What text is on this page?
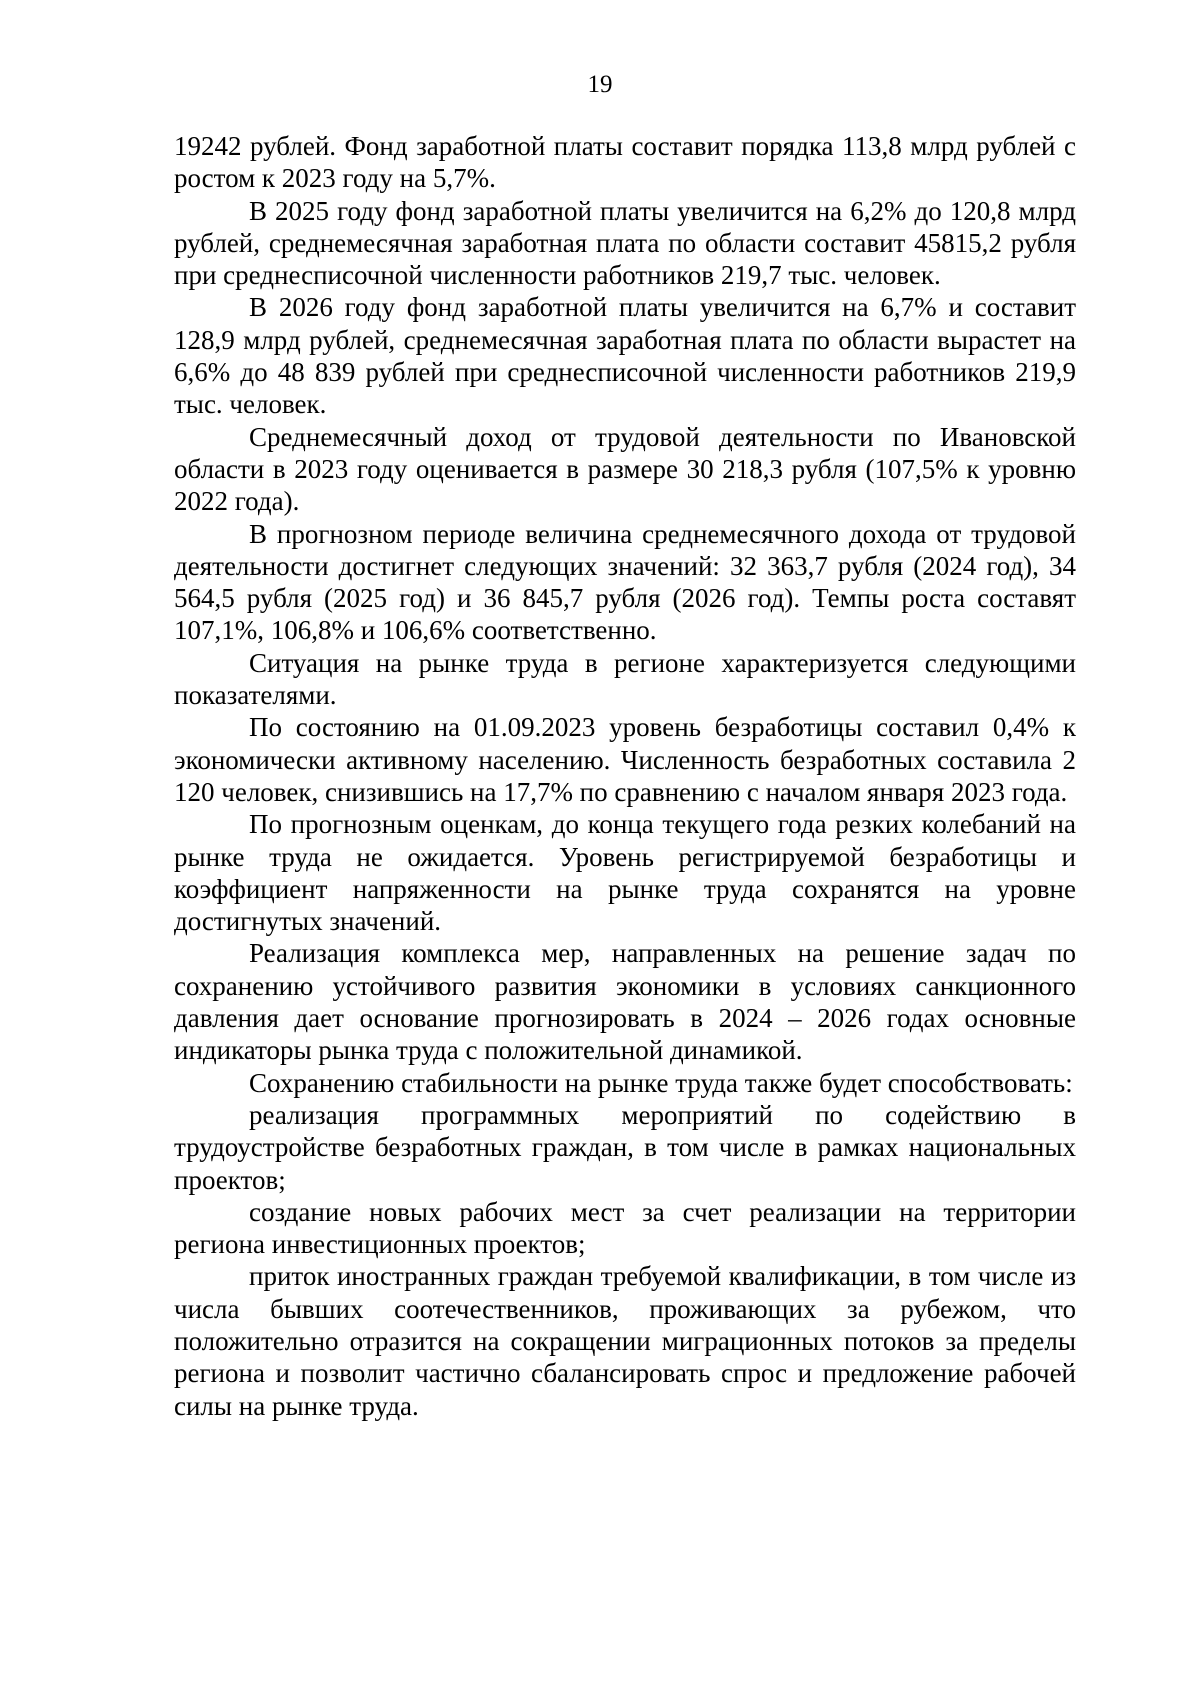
19

19242 рублей. Фонд заработной платы составит порядка 113,8 млрд рублей с ростом к 2023 году на 5,7%.

В 2025 году фонд заработной платы увеличится на 6,2% до 120,8 млрд рублей, среднемесячная заработная плата по области составит 45815,2 рубля при среднесписочной численности работников 219,7 тыс. человек.

В 2026 году фонд заработной платы увеличится на 6,7% и составит 128,9 млрд рублей, среднемесячная заработная плата по области вырастет на 6,6% до 48 839 рублей при среднесписочной численности работников 219,9 тыс. человек.

Среднемесячный доход от трудовой деятельности по Ивановской области в 2023 году оценивается в размере 30 218,3 рубля (107,5% к уровню 2022 года).

В прогнозном периоде величина среднемесячного дохода от трудовой деятельности достигнет следующих значений: 32 363,7 рубля (2024 год), 34 564,5 рубля (2025 год) и 36 845,7 рубля (2026 год). Темпы роста составят 107,1%, 106,8% и 106,6% соответственно.

Ситуация на рынке труда в регионе характеризуется следующими показателями.

По состоянию на 01.09.2023 уровень безработицы составил 0,4% к экономически активному населению. Численность безработных составила 2 120 человек, снизившись на 17,7% по сравнению с началом января 2023 года.

По прогнозным оценкам, до конца текущего года резких колебаний на рынке труда не ожидается. Уровень регистрируемой безработицы и коэффициент напряженности на рынке труда сохранятся на уровне достигнутых значений.

Реализация комплекса мер, направленных на решение задач по сохранению устойчивого развития экономики в условиях санкционного давления дает основание прогнозировать в 2024 – 2026 годах основные индикаторы рынка труда с положительной динамикой.

Сохранению стабильности на рынке труда также будет способствовать:

реализация программных мероприятий по содействию в трудоустройстве безработных граждан, в том числе в рамках национальных проектов;

создание новых рабочих мест за счет реализации на территории региона инвестиционных проектов;

приток иностранных граждан требуемой квалификации, в том числе из числа бывших соотечественников, проживающих за рубежом, что положительно отразится на сокращении миграционных потоков за пределы региона и позволит частично сбалансировать спрос и предложение рабочей силы на рынке труда.
